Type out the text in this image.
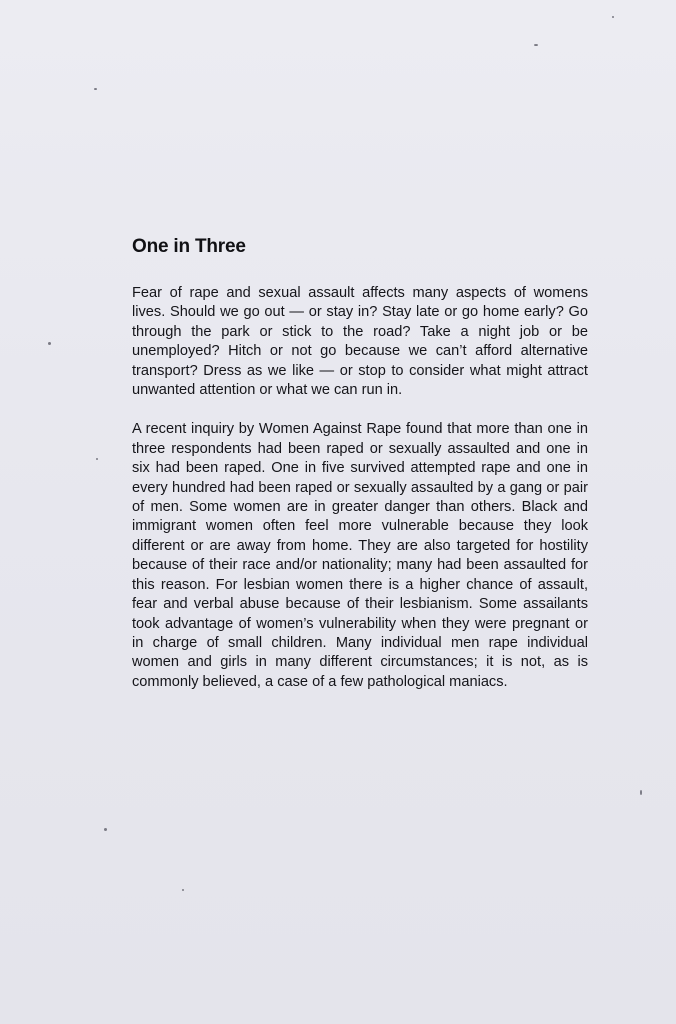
One in Three

Fear of rape and sexual assault affects many aspects of womens lives. Should we go out — or stay in? Stay late or go home early? Go through the park or stick to the road? Take a night job or be unemployed? Hitch or not go because we can’t afford alternative transport? Dress as we like — or stop to consider what might attract unwanted attention or what we can run in.

A recent inquiry by Women Against Rape found that more than one in three respondents had been raped or sexually assaulted and one in six had been raped. One in five survived attempted rape and one in every hundred had been raped or sexually assaulted by a gang or pair of men. Some women are in greater danger than others. Black and immigrant women often feel more vulnerable because they look different or are away from home. They are also targeted for hostility because of their race and/or nationality; many had been assaulted for this reason. For lesbian women there is a higher chance of assault, fear and verbal abuse because of their lesbianism. Some assailants took advantage of women’s vulnerability when they were pregnant or in charge of small children. Many individual men rape individual women and girls in many different circumstances; it is not, as is commonly believed, a case of a few pathological maniacs.
